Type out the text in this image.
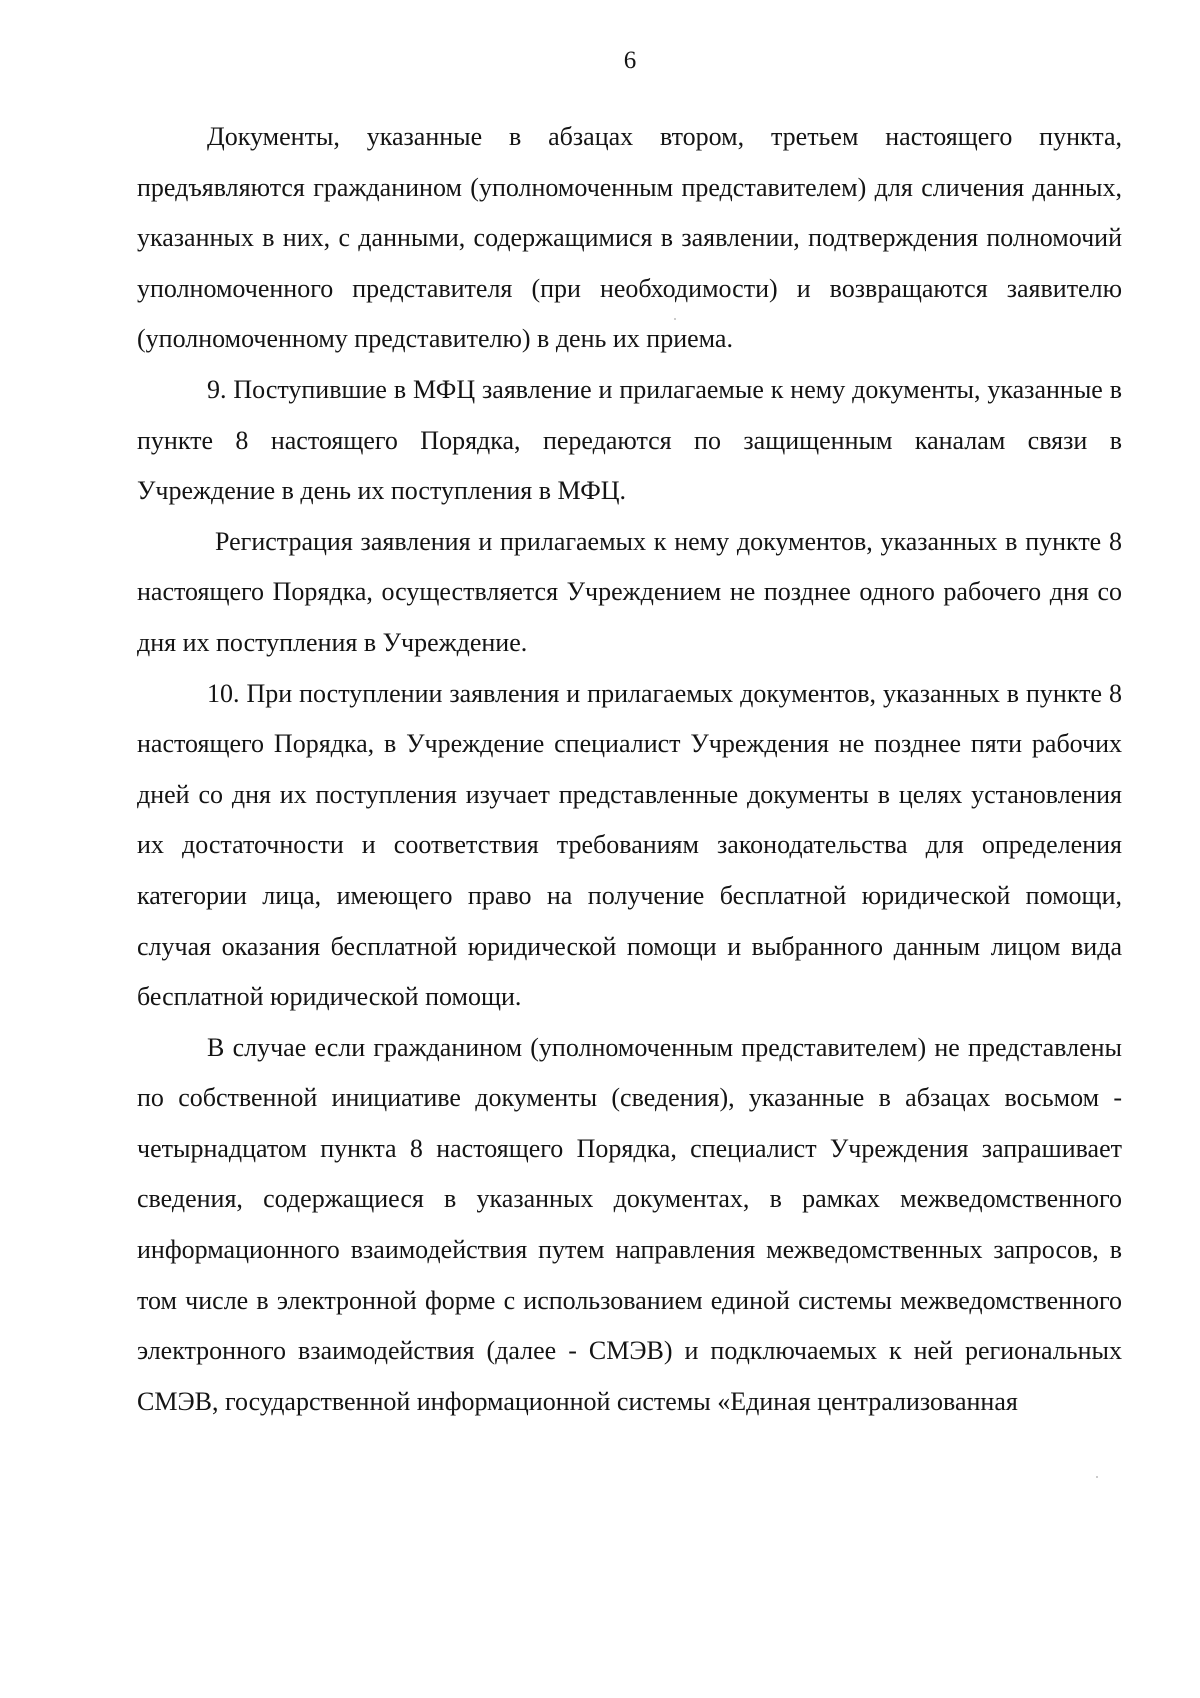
6

Документы, указанные в абзацах втором, третьем настоящего пункта, предъявляются гражданином (уполномоченным представителем) для сличения данных, указанных в них, с данными, содержащимися в заявлении, подтверждения полномочий уполномоченного представителя (при необходимости) и возвращаются заявителю (уполномоченному представителю) в день их приема.

9. Поступившие в МФЦ заявление и прилагаемые к нему документы, указанные в пункте 8 настоящего Порядка, передаются по защищенным каналам связи в Учреждение в день их поступления в МФЦ.

Регистрация заявления и прилагаемых к нему документов, указанных в пункте 8 настоящего Порядка, осуществляется Учреждением не позднее одного рабочего дня со дня их поступления в Учреждение.

10. При поступлении заявления и прилагаемых документов, указанных в пункте 8 настоящего Порядка, в Учреждение специалист Учреждения не позднее пяти рабочих дней со дня их поступления изучает представленные документы в целях установления их достаточности и соответствия требованиям законодательства для определения категории лица, имеющего право на получение бесплатной юридической помощи, случая оказания бесплатной юридической помощи и выбранного данным лицом вида бесплатной юридической помощи.

В случае если гражданином (уполномоченным представителем) не представлены по собственной инициативе документы (сведения), указанные в абзацах восьмом - четырнадцатом пункта 8 настоящего Порядка, специалист Учреждения запрашивает сведения, содержащиеся в указанных документах, в рамках межведомственного информационного взаимодействия путем направления межведомственных запросов, в том числе в электронной форме с использованием единой системы межведомственного электронного взаимодействия (далее - СМЭВ) и подключаемых к ней региональных СМЭВ, государственной информационной системы «Единая централизованная
